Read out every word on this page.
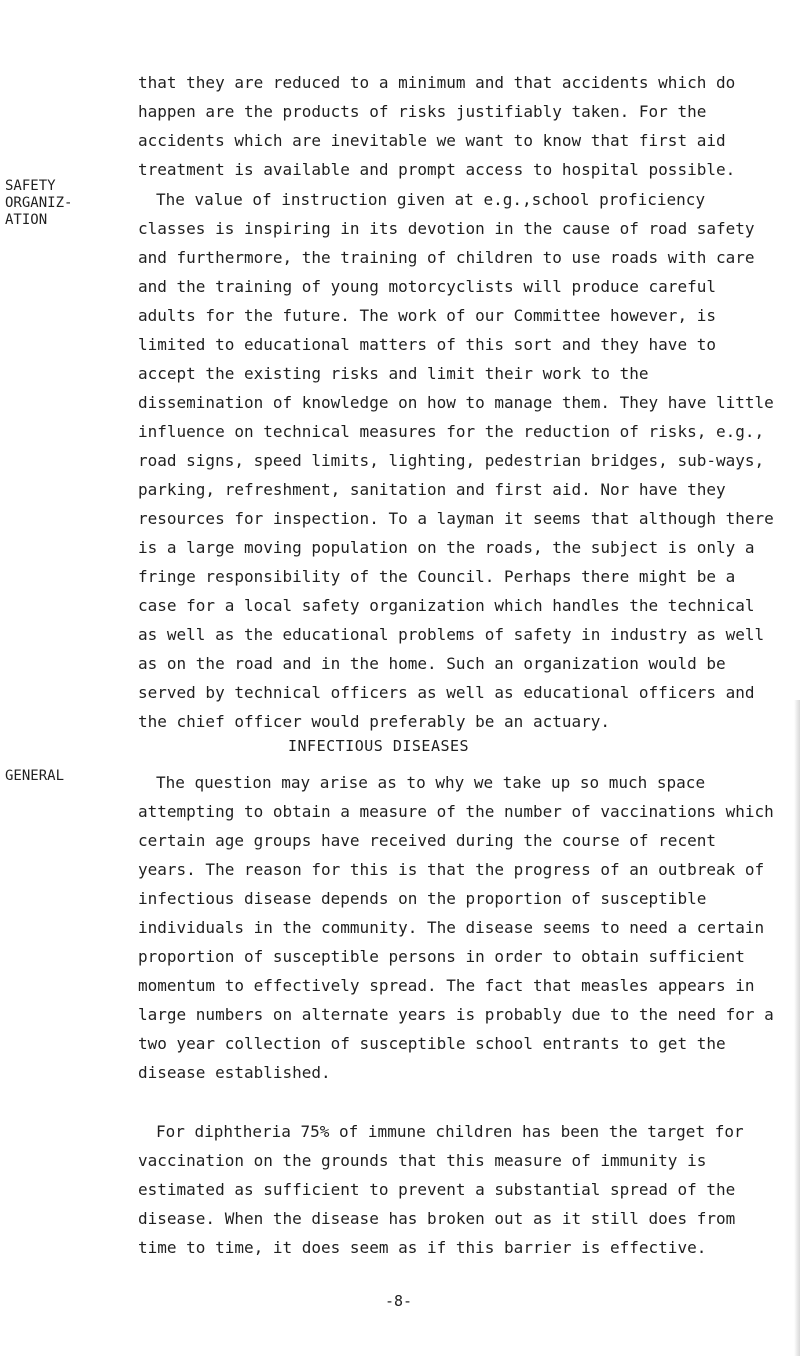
SAFETY
ORGANIZ-
ATION
GENERAL

that they are reduced to a minimum and that accidents which do happen are the products of risks justifiably taken. For the accidents which are inevitable we want to know that first aid treatment is available and prompt access to hospital possible.

The value of instruction given at e.g.,school proficiency classes is inspiring in its devotion in the cause of road safety and furthermore, the training of children to use roads with care and the training of young motorcyclists will produce careful adults for the future. The work of our Committee however, is limited to educational matters of this sort and they have to accept the existing risks and limit their work to the dissemination of knowledge on how to manage them. They have little influence on technical measures for the reduction of risks, e.g., road signs, speed limits, lighting, pedestrian bridges, sub-ways, parking, refreshment, sanitation and first aid. Nor have they resources for inspection. To a layman it seems that although there is a large moving population on the roads, the subject is only a fringe responsibility of the Council. Perhaps there might be a case for a local safety organization which handles the technical as well as the educational problems of safety in industry as well as on the road and in the home. Such an organization would be served by technical officers as well as educational officers and the chief officer would preferably be an actuary.

INFECTIOUS DISEASES

The question may arise as to why we take up so much space attempting to obtain a measure of the number of vaccinations which certain age groups have received during the course of recent years. The reason for this is that the progress of an outbreak of infectious disease depends on the proportion of susceptible individuals in the community. The disease seems to need a certain proportion of susceptible persons in order to obtain sufficient momentum to effectively spread. The fact that measles appears in large numbers on alternate years is probably due to the need for a two year collection of susceptible school entrants to get the disease established.

For diphtheria 75% of immune children has been the target for vaccination on the grounds that this measure of immunity is estimated as sufficient to prevent a substantial spread of the disease. When the disease has broken out as it still does from time to time, it does seem as if this barrier is effective.

-8-
